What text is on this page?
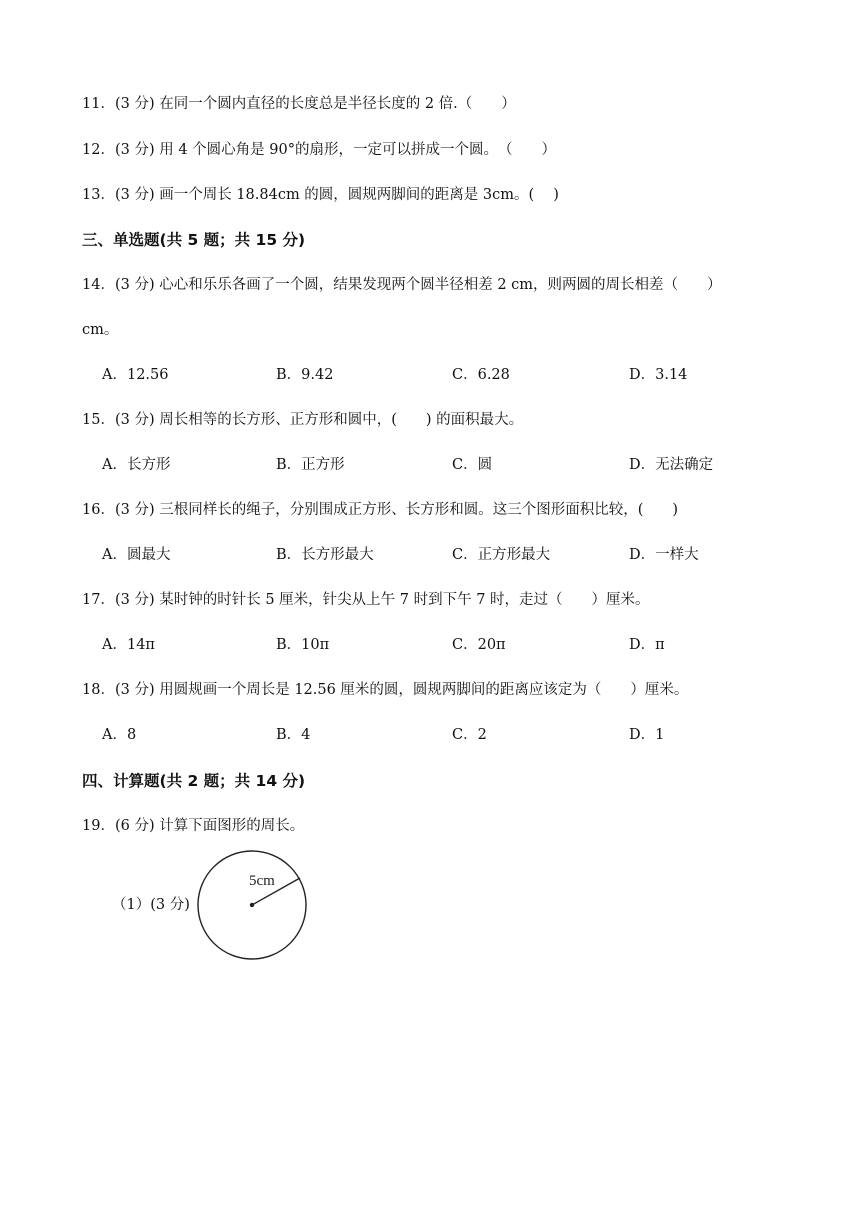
11．(3 分) 在同一个圆内直径的长度总是半径长度的 2 倍.（　　）
12．(3 分) 用 4 个圆心角是 90°的扇形，一定可以拼成一个圆。　（　　）
13．(3 分) 画一个周长 18.84cm 的圆，圆规两脚间的距离是 3cm。(　 )
三、单选题(共 5 题；共 15 分)
14．(3 分) 心心和乐乐各画了一个圆，结果发现两个圆半径相差 2 cm，则两圆的周长相差（　　）
cm。
A．12.56	B．9.42	C．6.28	D．3.14
15．(3 分) 周长相等的长方形、正方形和圆中，(　　) 的面积最大。
A．长方形	B．正方形	C．圆	D．无法确定
16．(3 分) 三根同样长的绳子，分别围成正方形、长方形和圆。这三个图形面积比较，(　　)
A．圆最大	B．长方形最大	C．正方形最大	D．一样大
17．(3 分) 某时钟的时针长 5 厘米，针尖从上午 7 时到下午 7 时，走过（　　）厘米。
A．14π	B．10π	C．20π	D．π
18．(3 分) 用圆规画一个周长是 12.56 厘米的圆，圆规两脚间的距离应该定为（　　）厘米。
A．8	B．4	C．2	D．1
四、计算题(共 2 题；共 14 分)
19．(6 分) 计算下面图形的周长。
（1）(3 分)
5cm
